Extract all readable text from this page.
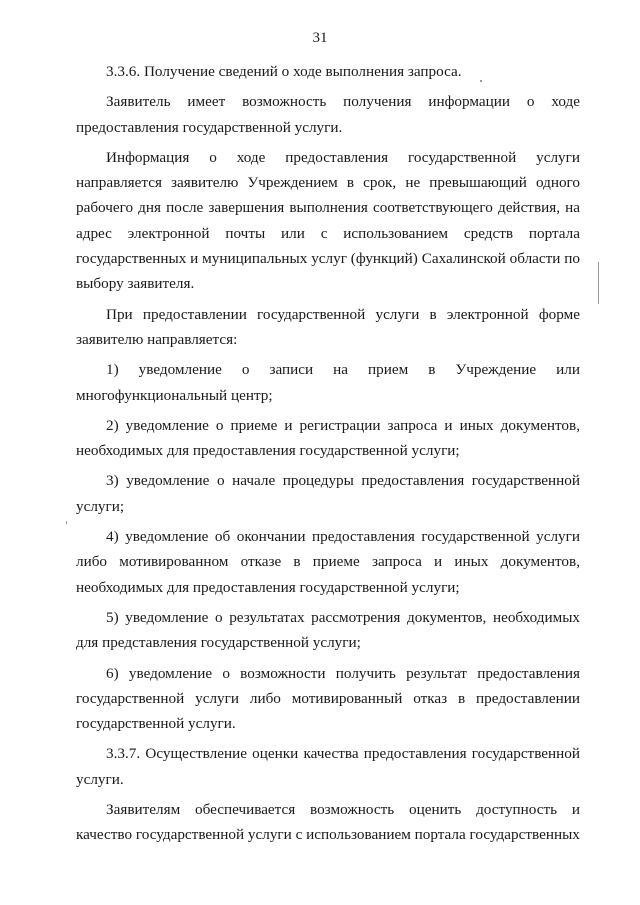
31

3.3.6. Получение сведений о ходе выполнения запроса.

Заявитель имеет возможность получения информации о ходе предоставления государственной услуги.

Информация о ходе предоставления государственной услуги направляется заявителю Учреждением в срок, не превышающий одного рабочего дня после завершения выполнения соответствующего действия, на адрес электронной почты или с использованием средств портала государственных и муниципальных услуг (функций) Сахалинской области по выбору заявителя.

При предоставлении государственной услуги в электронной форме заявителю направляется:

1) уведомление о записи на прием в Учреждение или многофункциональный центр;

2) уведомление о приеме и регистрации запроса и иных документов, необходимых для предоставления государственной услуги;

3) уведомление о начале процедуры предоставления государственной услуги;

4) уведомление об окончании предоставления государственной услуги либо мотивированном отказе в приеме запроса и иных документов, необходимых для предоставления государственной услуги;

5) уведомление о результатах рассмотрения документов, необходимых для представления государственной услуги;

6) уведомление о возможности получить результат предоставления государственной услуги либо мотивированный отказ в предоставлении государственной услуги.

3.3.7. Осуществление оценки качества предоставления государственной услуги.

Заявителям обеспечивается возможность оценить доступность и качество государственной услуги с использованием портала государственных
